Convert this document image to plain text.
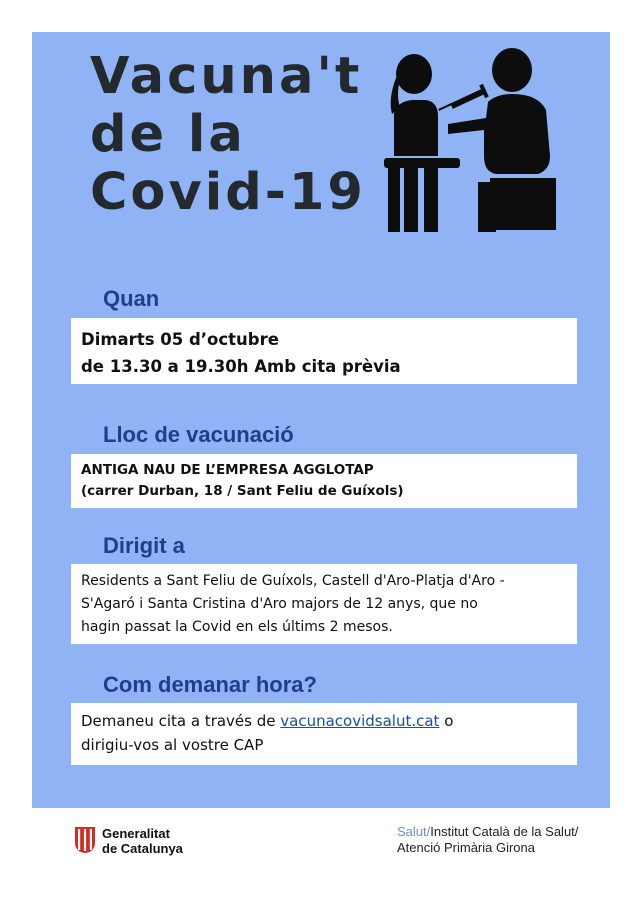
Vacuna't
de la
Covid-19
Quan
Dimarts 05 d’octubre
de 13.30 a 19.30h Amb cita prèvia
Lloc de vacunació
ANTIGA NAU DE L’EMPRESA AGGLOTAP
(carrer Durban, 18 / Sant Feliu de Guíxols)
Dirigit a
Residents a Sant Feliu de Guíxols, Castell d'Aro-Platja d'Aro -
S'Agaró i Santa Cristina d'Aro majors de 12 anys, que no
hagin passat la Covid en els últims 2 mesos.
Com demanar hora?
Demaneu cita a través de vacunacovidsalut.cat o
dirigiu-vos al vostre CAP
Generalitat
de Catalunya
Salut/Institut Català de la Salut/
Atenció Primària Girona
